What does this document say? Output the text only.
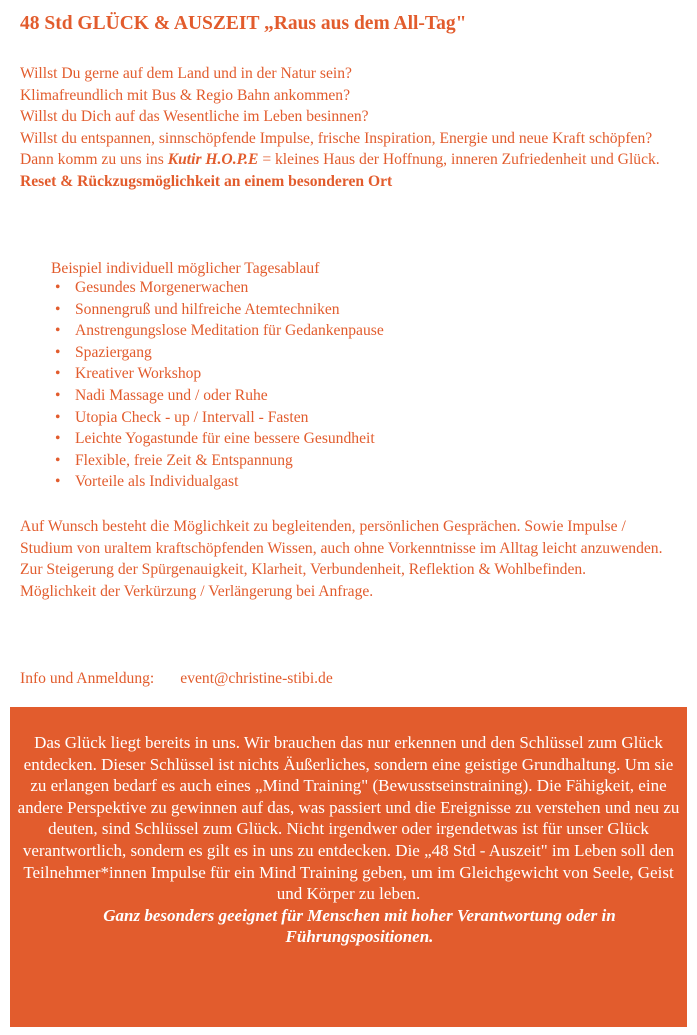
48 Std GLÜCK & AUSZEIT „Raus aus dem All-Tag"
Willst Du gerne auf dem Land und in der Natur sein?
Klimafreundlich mit Bus & Regio Bahn ankommen?
Willst du Dich auf das Wesentliche im Leben besinnen?
Willst du entspannen, sinnschöpfende Impulse, frische Inspiration, Energie und neue Kraft schöpfen?
Dann komm zu uns ins Kutir H.O.P.E = kleines Haus der Hoffnung, inneren Zufriedenheit und Glück.
Reset & Rückzugsmöglichkeit an einem besonderen Ort
Beispiel individuell möglicher Tagesablauf
• Gesundes Morgenerwachen
• Sonnengruß und hilfreiche Atemtechniken
• Anstrengungslose Meditation für Gedankenpause
• Spaziergang
• Kreativer Workshop
• Nadi Massage und / oder Ruhe
• Utopia Check - up / Intervall - Fasten
• Leichte Yogastunde für eine bessere Gesundheit
• Flexible, freie Zeit & Entspannung
• Vorteile als Individualgast
Auf Wunsch besteht die Möglichkeit zu begleitenden, persönlichen Gesprächen. Sowie Impulse / Studium von uraltem kraftschöpfenden Wissen, auch ohne Vorkenntnisse im Alltag leicht anzuwenden.
Zur Steigerung der Spürgenauigkeit, Klarheit, Verbundenheit, Reflektion & Wohlbefinden.
Möglichkeit der Verkürzung / Verlängerung bei Anfrage.
Info und Anmeldung: event@christine-stibi.de
Das Glück liegt bereits in uns. Wir brauchen das nur erkennen und den Schlüssel zum Glück entdecken. Dieser Schlüssel ist nichts Äußerliches, sondern eine geistige Grundhaltung. Um sie zu erlangen bedarf es auch eines „Mind Training" (Bewusstseinstraining). Die Fähigkeit, eine andere Perspektive zu gewinnen auf das, was passiert und die Ereignisse zu verstehen und neu zu deuten, sind Schlüssel zum Glück. Nicht irgendwer oder irgendetwas ist für unser Glück verantwortlich, sondern es gilt es in uns zu entdecken. Die „48 Std - Auszeit" im Leben soll den Teilnehmer*innen Impulse für ein Mind Training geben, um im Gleichgewicht von Seele, Geist und Körper zu leben.
Ganz besonders geeignet für Menschen mit hoher Verantwortung oder in Führungspositionen.
